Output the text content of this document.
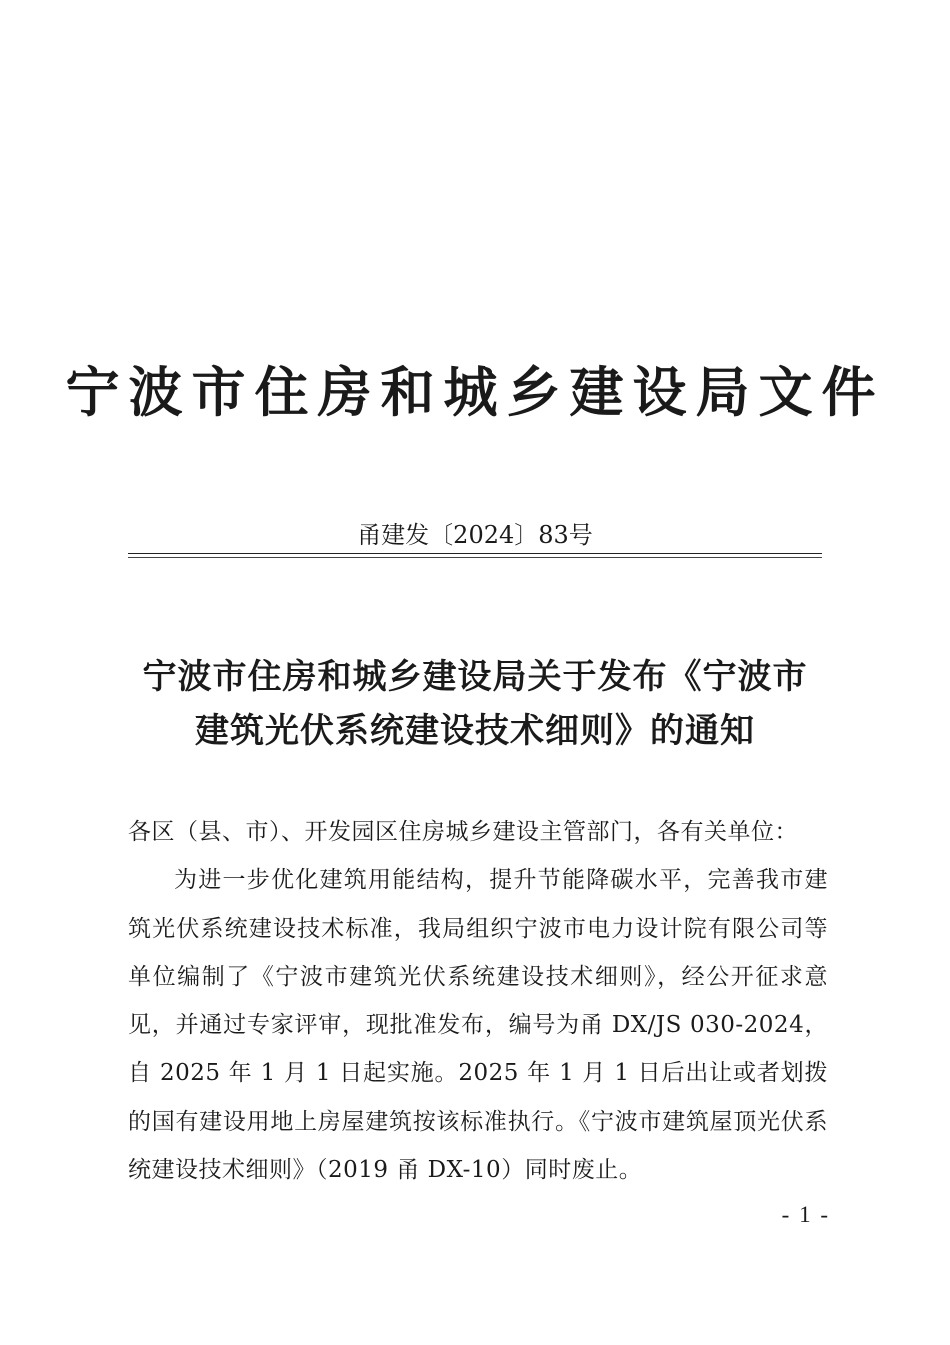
宁波市住房和城乡建设局文件
甬建发〔2024〕83号
宁波市住房和城乡建设局关于发布《宁波市
建筑光伏系统建设技术细则》的通知

各区（县、市）、开发园区住房城乡建设主管部门，各有关单位：

为进一步优化建筑用能结构，提升节能降碳水平，完善我市建筑光伏系统建设技术标准，我局组织宁波市电力设计院有限公司等单位编制了《宁波市建筑光伏系统建设技术细则》，经公开征求意见，并通过专家评审，现批准发布，编号为甬 DX/JS 030-2024，自 2025 年 1 月 1 日起实施。2025 年 1 月 1 日后出让或者划拨的国有建设用地上房屋建筑按该标准执行。《宁波市建筑屋顶光伏系统建设技术细则》（2019 甬 DX-10）同时废止。

- 1 -
